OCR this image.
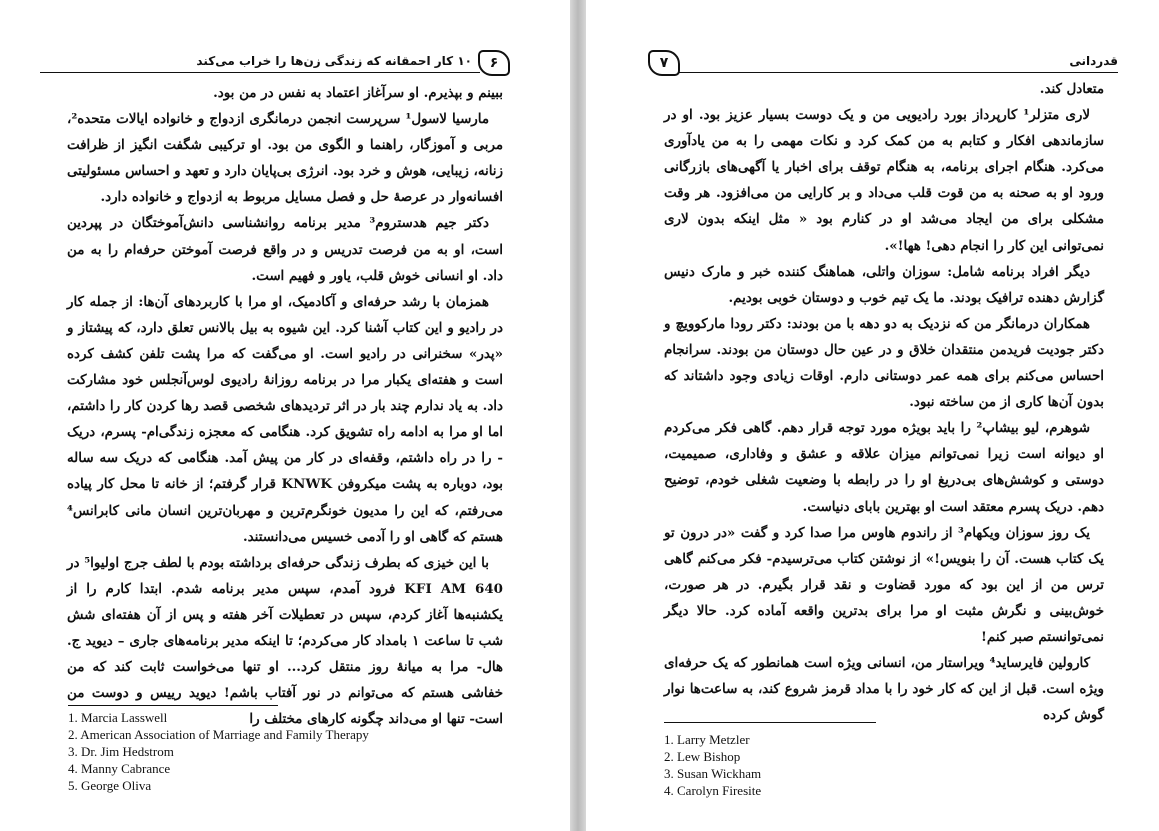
۱۰ کار احمقانه که زندگی زن‌ها را خراب می‌کند	۶

ببینم و بپذیرم. او سرآغاز اعتماد به نفس در من بود.

مارسیا لاسول¹ سرپرست انجمن درمانگری ازدواج و خانواده ایالات متحده²، مربی و آموزگار، راهنما و الگوی من بود. او ترکیبی شگفت انگیز از ظرافت زنانه، زیبایی، هوش و خرد بود. انرژی بی‌پایان دارد و تعهد و احساس مسئولیتی افسانه‌وار در عرصهٔ حل و فصل مسایل مربوط به ازدواج و خانواده دارد.

دکتر جیم هدستروم³ مدیر برنامه روانشناسی دانش‌آموختگان در پپردین است، او به من فرصت تدریس و در واقع فرصت آموختن حرفه‌ام را به من داد. او انسانی خوش قلب، یاور و فهیم است.

همزمان با رشد حرفه‌ای و آکادمیک، او مرا با کاربردهای آن‌ها: از جمله کار در رادیو و این کتاب آشنا کرد. این شیوه به بیل بالانس تعلق دارد، که پیشتاز و «پدر» سخنرانی در رادیو است. او می‌گفت که مرا پشت تلفن کشف کرده است و هفته‌ای یکبار مرا در برنامه روزانهٔ رادیوی لوس‌آنجلس خود مشارکت داد. به یاد ندارم چند بار در اثر تردیدهای شخصی قصد رها کردن کار را داشتم، اما او مرا به ادامه راه تشویق کرد. هنگامی که معجزه زندگی‌ام- پسرم، دریک - را در راه داشتم، وقفه‌ای در کار من پیش آمد. هنگامی که دریک سه ساله بود، دوباره به پشت میکروفن KNWK قرار گرفتم؛ از خانه تا محل کار پیاده می‌رفتم، که این را مدیون خونگرم‌ترین و مهربان‌ترین انسان مانی کابرانس⁴ هستم که گاهی او را آدمی خسیس می‌دانستند.

با این خیزی که بطرف زندگی حرفه‌ای برداشته بودم با لطف جرج اولیوا⁵ در KFI AM 640 فرود آمدم، سپس مدیر برنامه شدم. ابتدا کارم را از یکشنبه‌ها آغاز کردم، سپس در تعطیلات آخر هفته و پس از آن هفته‌ای شش شب تا ساعت ۱ بامداد کار می‌کردم؛ تا اینکه مدیر برنامه‌های جاری – دیوید ج. هال- مرا به میانهٔ روز منتقل کرد... او تنها می‌خواست ثابت کند که من خفاشی هستم که می‌توانم در نور آفتاب باشم! دیوید رییس و دوست من است- تنها او می‌داند چگونه کارهای مختلف را

1. Marcia Lasswell
2. American Association of Marriage and Family Therapy
3. Dr. Jim Hedstrom
4. Manny Cabrance
5. George Oliva
۷	قدردانی

متعادل کند.

لاری متزلر¹ کارپرداز بورد رادیویی من و یک دوست بسیار عزیز بود. او در سازماندهی افکار و کتابم به من کمک کرد و نکات مهمی را به من یادآوری می‌کرد. هنگام اجرای برنامه، به هنگام توقف برای اخبار یا آگهی‌های بازرگانی ورود او به صحنه به من قوت قلب می‌داد و بر کارایی من می‌افزود. هر وقت مشکلی برای من ایجاد می‌شد او در کنارم بود « مثل اینکه بدون لاری نمی‌توانی این کار را انجام دهی! هها!».

دیگر افراد برنامه شامل: سوزان واتلی، هماهنگ کننده خبر و مارک دنیس گزارش دهنده ترافیک بودند. ما یک تیم خوب و دوستان خوبی بودیم.

همکاران درمانگر من که نزدیک به دو دهه با من بودند: دکتر رودا مارکوویچ و دکتر جودیت فریدمن منتقدان خلاق و در عین حال دوستان من بودند. سرانجام احساس می‌کنم برای همه عمر دوستانی دارم. اوقات زیادی وجود داشتاند که بدون آن‌ها کاری از من ساخته نبود.

شوهرم، لیو بیشاپ² را باید بویژه مورد توجه قرار دهم. گاهی فکر می‌کردم او دیوانه است زیرا نمی‌توانم میزان علاقه و عشق و وفاداری، صمیمیت، دوستی و کوشش‌های بی‌دریغ او را در رابطه با وضعیت شغلی خودم، توضیح دهم. دریک پسرم معتقد است او بهترین بابای دنیاست.

یک روز سوزان ویکهام³ از راندوم هاوس مرا صدا کرد و گفت «در درون تو یک کتاب هست. آن را بنویس!» از نوشتن کتاب می‌ترسیدم- فکر می‌کنم گاهی ترس من از این بود که مورد قضاوت و نقد قرار بگیرم. در هر صورت، خوش‌بینی و نگرش مثبت او مرا برای بدترین واقعه آماده کرد. حالا دیگر نمی‌توانستم صبر کنم!

کارولین فایرساید⁴ ویراستار من، انسانی ویژه است همانطور که یک حرفه‌ای ویژه است. قبل از این که کار خود را با مداد قرمز شروع کند، به ساعت‌ها نوار گوش کرده

1. Larry Metzler
2. Lew Bishop
3. Susan Wickham
4. Carolyn Firesite
